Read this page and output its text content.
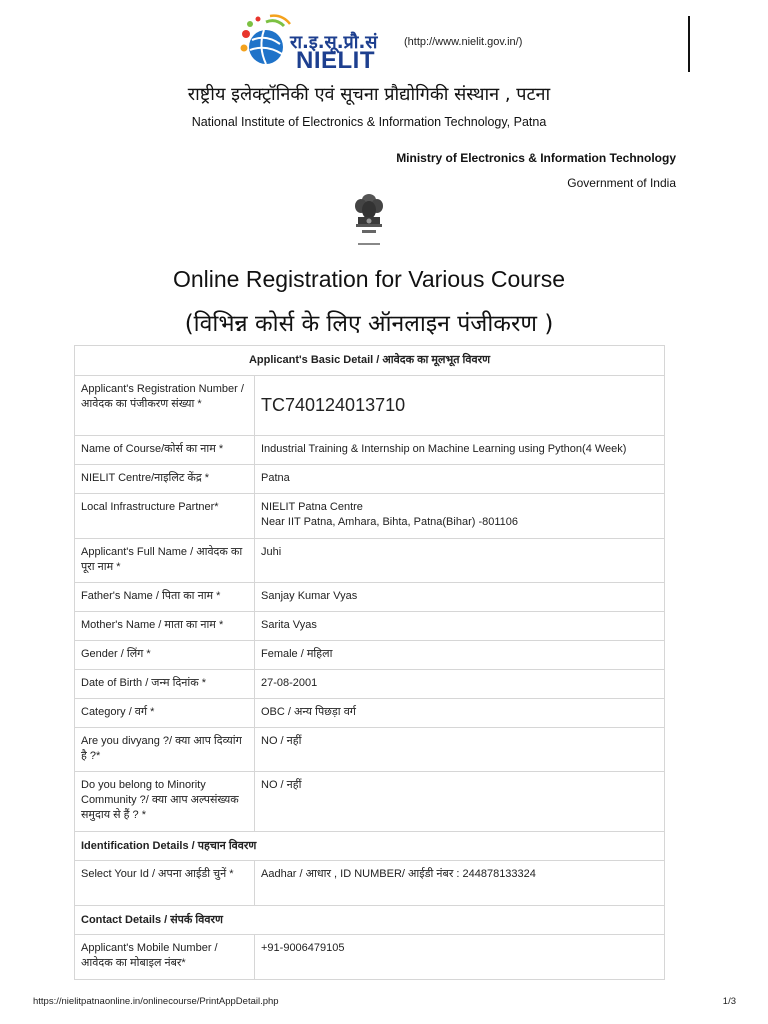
रा.इ.सू.प्रौ.सं (http://www.nielit.gov.in/)
NIELIT
राष्ट्रीय इलेक्ट्रॉनिकी एवं सूचना प्रौद्योगिकी संस्थान , पटना
National Institute of Electronics & Information Technology, Patna
Ministry of Electronics & Information Technology
Government of India
Online Registration for Various Course
(विभिन्न कोर्स के लिए ऑनलाइन पंजीकरण )
Applicant's Basic Detail / आवेदक का मूलभूत विवरण	
Applicant's Registration Number / आवेदक का पंजीकरण संख्या *	TC740124013710
Name of Course/कोर्स का नाम *	Industrial Training & Internship on Machine Learning using Python(4 Week)
NIELIT Centre/नाइलिट केंद्र *	Patna
Local Infrastructure Partner*	NIELIT Patna Centre
Near IIT Patna, Amhara, Bihta, Patna(Bihar) -801106

Applicant's Full Name / आवेदक का पूरा नाम *	Juhi
Father's Name / पिता का नाम *	Sanjay Kumar Vyas
Mother's Name / माता का नाम *	Sarita Vyas
Gender / लिंग *	Female / महिला
Date of Birth / जन्म दिनांक *	27-08-2001
Category / वर्ग *	OBC / अन्य पिछड़ा वर्ग
Are you divyang ?/ क्या आप दिव्यांग है ?*	NO / नहीं
Do you belong to Minority Community ?/ क्या आप अल्पसंख्यक समुदाय से हैं ? *	NO / नहीं
Identification Details / पहचान विवरण	
Select Your Id / अपना आईडी चुनें *	Aadhar / आधार , ID NUMBER/ आईडी नंबर : 244878133324
Contact Details / संपर्क विवरण	
Applicant's Mobile Number / आवेदक का मोबाइल नंबर*	+91-9006479105
https://nielitpatnaonline.in/onlinecourse/PrintAppDetail.php	1/3
